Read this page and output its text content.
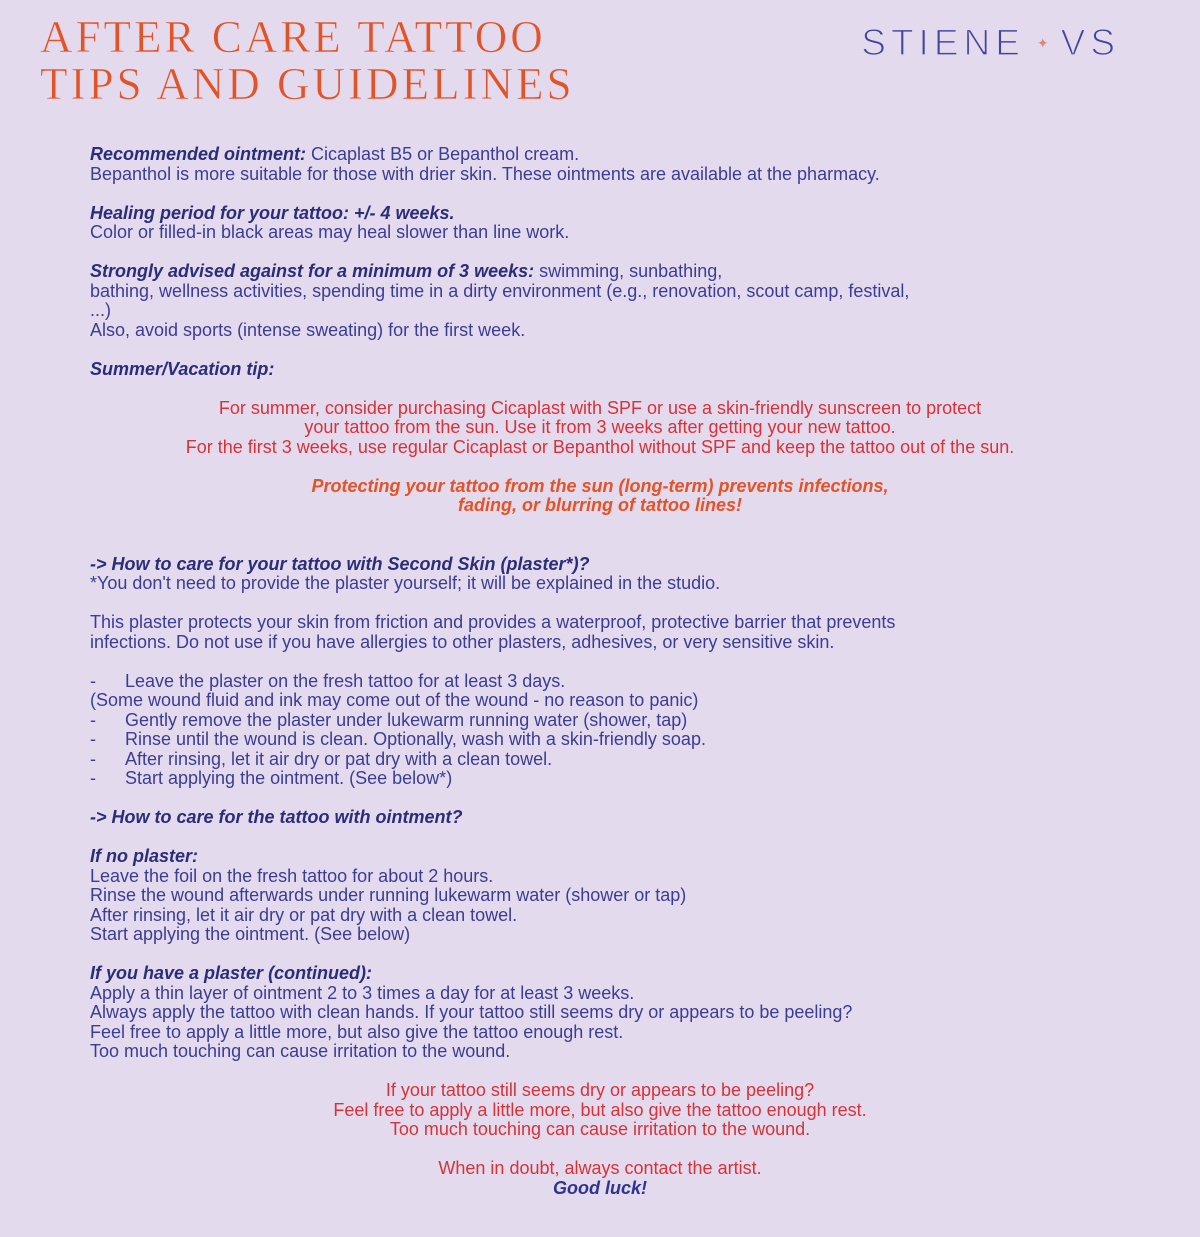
AFTER CARE TATTOO
TIPS AND GUIDELINES
STIENE ✦ VS
Recommended ointment: Cicaplast B5 or Bepanthol cream.
Bepanthol is more suitable for those with drier skin. These ointments are available at the pharmacy.
Healing period for your tattoo: +/- 4 weeks.
Color or filled-in black areas may heal slower than line work.
Strongly advised against for a minimum of 3 weeks: swimming, sunbathing,
bathing, wellness activities, spending time in a dirty environment (e.g., renovation, scout camp, festival,
...)
Also, avoid sports (intense sweating) for the first week.
Summer/Vacation tip:
For summer, consider purchasing Cicaplast with SPF or use a skin-friendly sunscreen to protect
your tattoo from the sun. Use it from 3 weeks after getting your new tattoo.
For the first 3 weeks, use regular Cicaplast or Bepanthol without SPF and keep the tattoo out of the sun.
Protecting your tattoo from the sun (long-term) prevents infections,
fading, or blurring of tattoo lines!
-> How to care for your tattoo with Second Skin (plaster*)?
*You don't need to provide the plaster yourself; it will be explained in the studio.
This plaster protects your skin from friction and provides a waterproof, protective barrier that prevents
infections. Do not use if you have allergies to other plasters, adhesives, or very sensitive skin.
-	Leave the plaster on the fresh tattoo for at least 3 days.
(Some wound fluid and ink may come out of the wound - no reason to panic)
-	Gently remove the plaster under lukewarm running water (shower, tap)
-	Rinse until the wound is clean. Optionally, wash with a skin-friendly soap.
-	After rinsing, let it air dry or pat dry with a clean towel.
-	Start applying the ointment. (See below*)
-> How to care for the tattoo with ointment?
If no plaster:
Leave the foil on the fresh tattoo for about 2 hours.
Rinse the wound afterwards under running lukewarm water (shower or tap)
After rinsing, let it air dry or pat dry with a clean towel.
Start applying the ointment. (See below)
If you have a plaster (continued):
Apply a thin layer of ointment 2 to 3 times a day for at least 3 weeks.
Always apply the tattoo with clean hands. If your tattoo still seems dry or appears to be peeling?
Feel free to apply a little more, but also give the tattoo enough rest.
Too much touching can cause irritation to the wound.
If your tattoo still seems dry or appears to be peeling?
Feel free to apply a little more, but also give the tattoo enough rest.
Too much touching can cause irritation to the wound.
When in doubt, always contact the artist.
Good luck!
